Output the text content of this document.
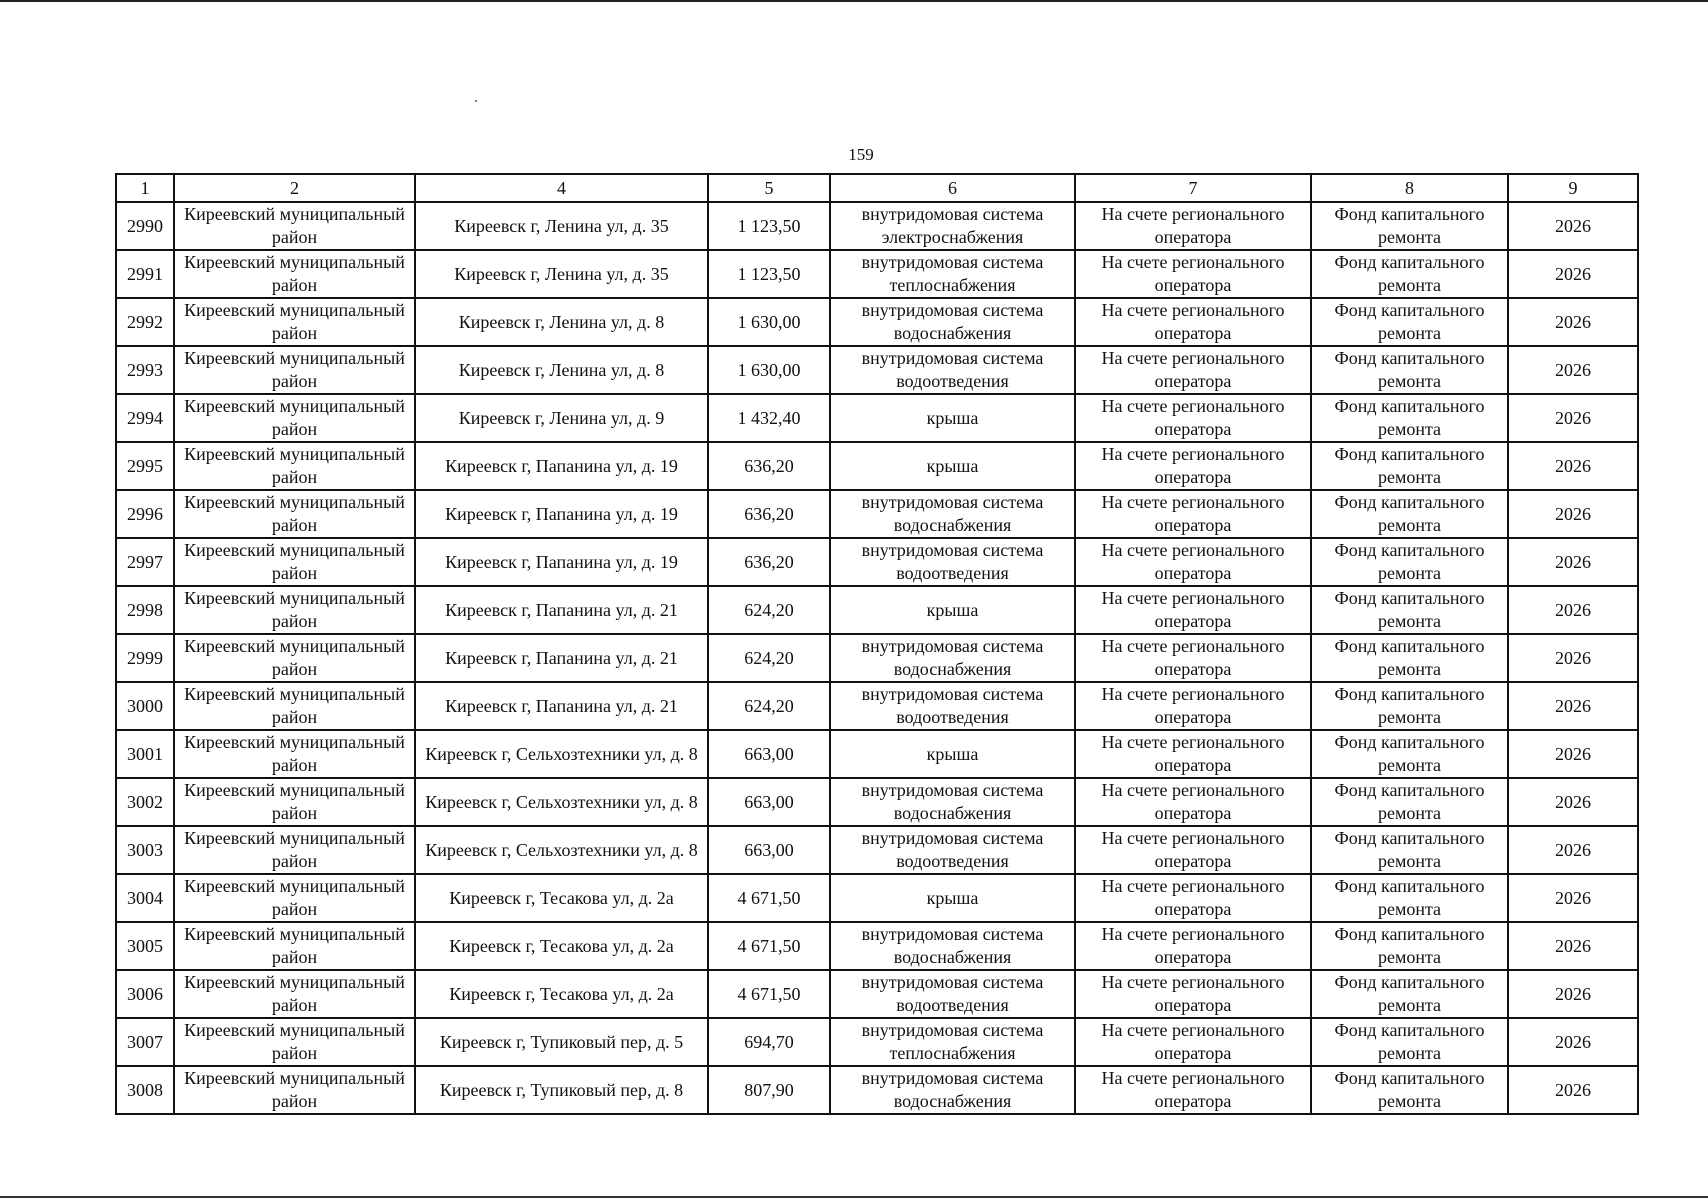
159
1	2	4	5	6	7	8	9
2990	Киреевский муниципальный район	Киреевск г, Ленина ул, д. 35	1 123,50	внутридомовая система электроснабжения	На счете регионального оператора	Фонд капитального ремонта	2026
2991	Киреевский муниципальный район	Киреевск г, Ленина ул, д. 35	1 123,50	внутридомовая система теплоснабжения	На счете регионального оператора	Фонд капитального ремонта	2026
2992	Киреевский муниципальный район	Киреевск г, Ленина ул, д. 8	1 630,00	внутридомовая система водоснабжения	На счете регионального оператора	Фонд капитального ремонта	2026
2993	Киреевский муниципальный район	Киреевск г, Ленина ул, д. 8	1 630,00	внутридомовая система водоотведения	На счете регионального оператора	Фонд капитального ремонта	2026
2994	Киреевский муниципальный район	Киреевск г, Ленина ул, д. 9	1 432,40	крыша	На счете регионального оператора	Фонд капитального ремонта	2026
2995	Киреевский муниципальный район	Киреевск г, Папанина ул, д. 19	636,20	крыша	На счете регионального оператора	Фонд капитального ремонта	2026
2996	Киреевский муниципальный район	Киреевск г, Папанина ул, д. 19	636,20	внутридомовая система водоснабжения	На счете регионального оператора	Фонд капитального ремонта	2026
2997	Киреевский муниципальный район	Киреевск г, Папанина ул, д. 19	636,20	внутридомовая система водоотведения	На счете регионального оператора	Фонд капитального ремонта	2026
2998	Киреевский муниципальный район	Киреевск г, Папанина ул, д. 21	624,20	крыша	На счете регионального оператора	Фонд капитального ремонта	2026
2999	Киреевский муниципальный район	Киреевск г, Папанина ул, д. 21	624,20	внутридомовая система водоснабжения	На счете регионального оператора	Фонд капитального ремонта	2026
3000	Киреевский муниципальный район	Киреевск г, Папанина ул, д. 21	624,20	внутридомовая система водоотведения	На счете регионального оператора	Фонд капитального ремонта	2026
3001	Киреевский муниципальный район	Киреевск г, Сельхозтехники ул, д. 8	663,00	крыша	На счете регионального оператора	Фонд капитального ремонта	2026
3002	Киреевский муниципальный район	Киреевск г, Сельхозтехники ул, д. 8	663,00	внутридомовая система водоснабжения	На счете регионального оператора	Фонд капитального ремонта	2026
3003	Киреевский муниципальный район	Киреевск г, Сельхозтехники ул, д. 8	663,00	внутридомовая система водоотведения	На счете регионального оператора	Фонд капитального ремонта	2026
3004	Киреевский муниципальный район	Киреевск г, Тесакова ул, д. 2а	4 671,50	крыша	На счете регионального оператора	Фонд капитального ремонта	2026
3005	Киреевский муниципальный район	Киреевск г, Тесакова ул, д. 2а	4 671,50	внутридомовая система водоснабжения	На счете регионального оператора	Фонд капитального ремонта	2026
3006	Киреевский муниципальный район	Киреевск г, Тесакова ул, д. 2а	4 671,50	внутридомовая система водоотведения	На счете регионального оператора	Фонд капитального ремонта	2026
3007	Киреевский муниципальный район	Киреевск г, Тупиковый пер, д. 5	694,70	внутридомовая система теплоснабжения	На счете регионального оператора	Фонд капитального ремонта	2026
3008	Киреевский муниципальный район	Киреевск г, Тупиковый пер, д. 8	807,90	внутридомовая система водоснабжения	На счете регионального оператора	Фонд капитального ремонта	2026
